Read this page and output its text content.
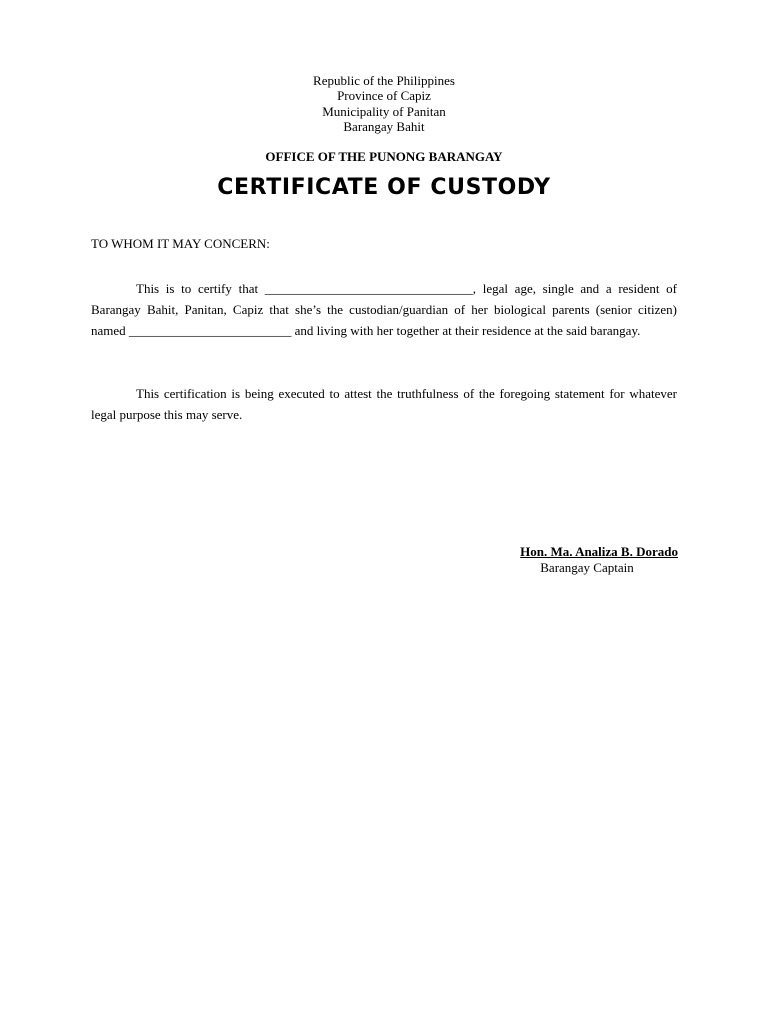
Republic of the Philippines
Province of Capiz
Municipality of Panitan
Barangay Bahit
OFFICE OF THE PUNONG BARANGAY
CERTIFICATE OF CUSTODY
TO WHOM IT MAY CONCERN:

This is to certify that ________________________________, legal age, single and a resident of Barangay Bahit, Panitan, Capiz that she’s the custodian/guardian of her biological parents (senior citizen) named _________________________ and living with her together at their residence at the said barangay.

This certification is being executed to attest the truthfulness of the foregoing statement for whatever legal purpose this may serve.

Hon. Ma. Analiza B. Dorado
Barangay Captain
